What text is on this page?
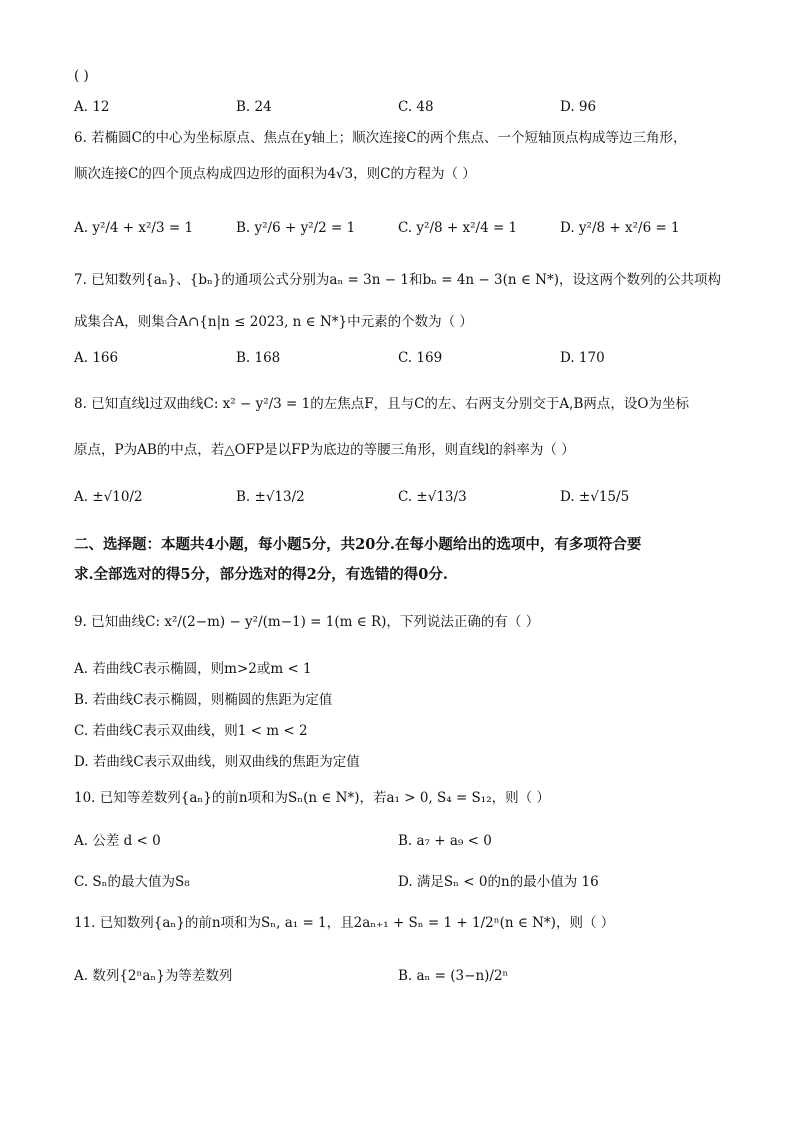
( )
A. 12	B. 24	C. 48	D. 96
6. 若椭圆C的中心为坐标原点、焦点在y轴上；顺次连接C的两个焦点、一个短轴顶点构成等边三角形，
顺次连接C的四个顶点构成四边形的面积为4√3，则C的方程为（ ）
A. y²/4 + x²/3 = 1	B. y²/6 + y²/2 = 1	C. y²/8 + x²/4 = 1	D. y²/8 + x²/6 = 1
7. 已知数列{aₙ}、{bₙ}的通项公式分别为aₙ = 3n − 1和bₙ = 4n − 3(n ∈ N*)，设这两个数列的公共项构
成集合A，则集合A∩{n|n ≤ 2023, n ∈ N*}中元素的个数为（ ）
A. 166	B. 168	C. 169	D. 170
8. 已知直线l过双曲线C: x² − y²/3 = 1的左焦点F，且与C的左、右两支分别交于A,B两点，设O为坐标
原点，P为AB的中点，若△OFP是以FP为底边的等腰三角形，则直线l的斜率为（ ）
A. ±√10/2	B. ±√13/2	C. ±√13/3	D. ±√15/5
二、选择题：本题共4小题，每小题5分，共20分.在每小题给出的选项中，有多项符合要
求.全部选对的得5分，部分选对的得2分，有选错的得0分.
9. 已知曲线C: x²/(2−m) − y²/(m−1) = 1(m ∈ R)，下列说法正确的有（ ）
A. 若曲线C表示椭圆，则m>2或m < 1
B. 若曲线C表示椭圆，则椭圆的焦距为定值
C. 若曲线C表示双曲线，则1 < m < 2
D. 若曲线C表示双曲线，则双曲线的焦距为定值
10. 已知等差数列{aₙ}的前n项和为Sₙ(n ∈ N*)，若a₁ > 0, S₄ = S₁₂，则（ ）
A. 公差 d < 0	B. a₇ + a₉ < 0
C. Sₙ的最大值为S₈	D. 满足Sₙ < 0的n的最小值为 16
11. 已知数列{aₙ}的前n项和为Sₙ, a₁ = 1，且2aₙ₊₁ + Sₙ = 1 + 1/2ⁿ(n ∈ N*)，则（ ）
A. 数列{2ⁿaₙ}为等差数列	B. aₙ = (3−n)/2ⁿ
